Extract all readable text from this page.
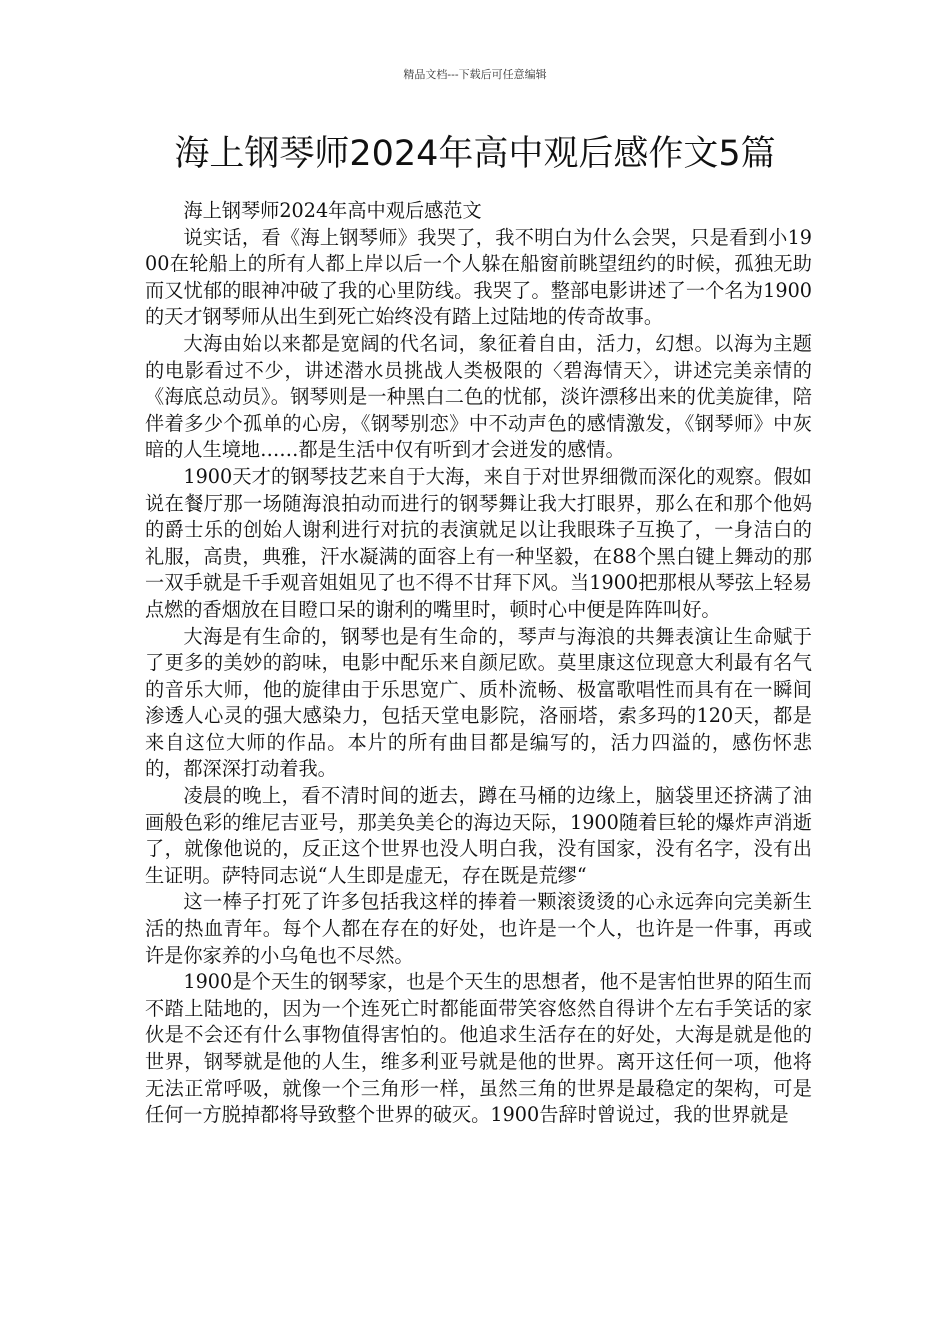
精品文档---下载后可任意编辑
海上钢琴师2024年高中观后感作文5篇

海上钢琴师2024年高中观后感范文

说实话，看《海上钢琴师》我哭了，我不明白为什么会哭，只是看到小1900在轮船上的所有人都上岸以后一个人躲在船窗前眺望纽约的时候，孤独无助而又忧郁的眼神冲破了我的心里防线。我哭了。整部电影讲述了一个名为1900的天才钢琴师从出生到死亡始终没有踏上过陆地的传奇故事。

大海由始以来都是宽阔的代名词，象征着自由，活力，幻想。以海为主题的电影看过不少，讲述潜水员挑战人类极限的〈碧海情天〉，讲述完美亲情的《海底总动员》。钢琴则是一种黑白二色的忧郁，淡许漂移出来的优美旋律，陪伴着多少个孤单的心房，《钢琴别恋》中不动声色的感情激发，《钢琴师》中灰暗的人生境地……都是生活中仅有听到才会迸发的感情。

1900天才的钢琴技艺来自于大海，来自于对世界细微而深化的观察。假如说在餐厅那一场随海浪拍动而进行的钢琴舞让我大打眼界，那么在和那个他妈的爵士乐的创始人谢利进行对抗的表演就足以让我眼珠子互换了，一身洁白的礼服，高贵，典雅，汗水凝满的面容上有一种坚毅，在88个黑白键上舞动的那一双手就是千手观音姐姐见了也不得不甘拜下风。当1900把那根从琴弦上轻易点燃的香烟放在目瞪口呆的谢利的嘴里时，顿时心中便是阵阵叫好。

大海是有生命的，钢琴也是有生命的，琴声与海浪的共舞表演让生命赋于了更多的美妙的韵味，电影中配乐来自颜尼欧。莫里康这位现意大利最有名气的音乐大师，他的旋律由于乐思宽广、质朴流畅、极富歌唱性而具有在一瞬间渗透人心灵的强大感染力，包括天堂电影院，洛丽塔，索多玛的120天，都是来自这位大师的作品。本片的所有曲目都是编写的，活力四溢的，感伤怀悲的，都深深打动着我。

凌晨的晚上，看不清时间的逝去，蹲在马桶的边缘上，脑袋里还挤满了油画般色彩的维尼吉亚号，那美奂美仑的海边天际，1900随着巨轮的爆炸声消逝了，就像他说的，反正这个世界也没人明白我，没有国家，没有名字，没有出生证明。萨特同志说“人生即是虚无，存在既是荒缪“

这一棒子打死了许多包括我这样的捧着一颗滚烫烫的心永远奔向完美新生活的热血青年。每个人都在存在的好处，也许是一个人，也许是一件事，再或许是你家养的小乌龟也不尽然。

1900是个天生的钢琴家，也是个天生的思想者，他不是害怕世界的陌生而不踏上陆地的，因为一个连死亡时都能面带笑容悠然自得讲个左右手笑话的家伙是不会还有什么事物值得害怕的。他追求生活存在的好处，大海是就是他的世界，钢琴就是他的人生，维多利亚号就是他的世界。离开这任何一项，他将无法正常呼吸，就像一个三角形一样，虽然三角的世界是最稳定的架构，可是任何一方脱掉都将导致整个世界的破灭。1900告辞时曾说过，我的世界就是
